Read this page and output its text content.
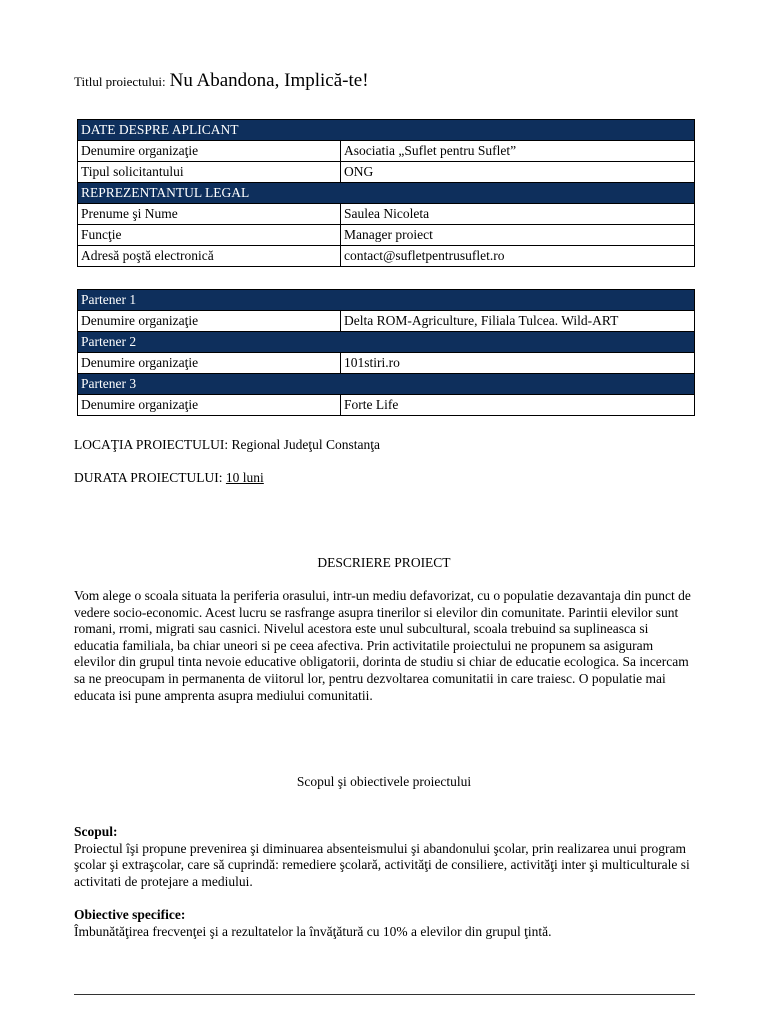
Titlul proiectului: Nu Abandona, Implică-te!
DATE DESPRE APLICANT	
Denumire organizaţie	Asociatia „Suflet pentru Suflet”
Tipul solicitantului	ONG
REPREZENTANTUL LEGAL	
Prenume şi Nume	Saulea Nicoleta
Funcţie	Manager proiect
Adresă poştă electronică	contact@sufletpentrusuflet.ro
Partener 1	
Denumire organizaţie	Delta ROM-Agriculture, Filiala Tulcea. Wild-ART
Partener 2	
Denumire organizaţie	101stiri.ro
Partener 3	
Denumire organizaţie	Forte Life
LOCAŢIA PROIECTULUI: Regional Judeţul Constanţa
DURATA PROIECTULUI: 10 luni
DESCRIERE PROIECT
Vom alege o scoala situata la periferia orasului, intr-un mediu defavorizat, cu o populatie dezavantaja din punct de vedere socio-economic. Acest lucru se rasfrange asupra tinerilor si elevilor din comunitate. Parintii elevilor sunt romani, rromi, migrati sau casnici. Nivelul acestora este unul subcultural, scoala trebuind sa suplineasca si educatia familiala, ba chiar uneori si pe ceea afectiva. Prin activitatile proiectului ne propunem sa asiguram elevilor din grupul tinta nevoie educative obligatorii, dorinta de studiu si chiar de educatie ecologica. Sa incercam sa ne preocupam in permanenta de viitorul lor, pentru dezvoltarea comunitatii in care traiesc. O populatie mai educata isi pune amprenta asupra mediului comunitatii.
Scopul şi obiectivele proiectului
Scopul:
Proiectul îşi propune prevenirea şi diminuarea absenteismului şi abandonului şcolar, prin realizarea unui program şcolar şi extraşcolar, care să cuprindă: remediere şcolară, activităţi de consiliere, activităţi inter şi multiculturale si activitati de protejare a mediului.
Obiective specifice:
Îmbunătăţirea frecvenţei şi a rezultatelor la învăţătură cu 10% a elevilor din grupul ţintă.
